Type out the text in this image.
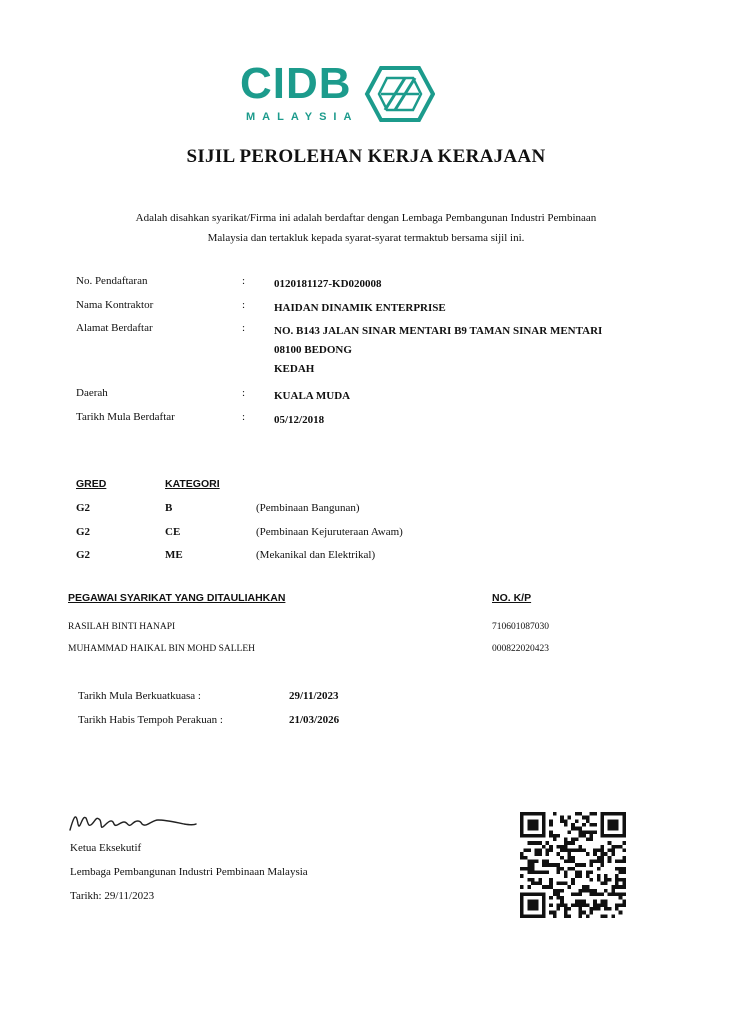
CIDB
MALAYSIA
SIJIL PEROLEHAN KERJA KERAJAAN
Adalah disahkan syarikat/Firma ini adalah berdaftar dengan Lembaga Pembangunan Industri Pembinaan
Malaysia dan tertakluk kepada syarat-syarat termaktub bersama sijil ini.
No. Pendaftaran	:	0120181127-KD020008
Nama Kontraktor	:	HAIDAN DINAMIK ENTERPRISE
Alamat Berdaftar	:	NO. B143 JALAN SINAR MENTARI B9 TAMAN SINAR MENTARI
08100 BEDONG
KEDAH
Daerah	:	KUALA MUDA
Tarikh Mula Berdaftar	:	05/12/2018
GRED	KATEGORI
G2	B	(Pembinaan Bangunan)
G2	CE	(Pembinaan Kejuruteraan Awam)
G2	ME	(Mekanikal dan Elektrikal)
PEGAWAI SYARIKAT YANG DITAULIAHKAN	NO. K/P
RASILAH BINTI HANAPI	710601087030
MUHAMMAD HAIKAL BIN MOHD SALLEH	000822020423
Tarikh Mula Berkuatkuasa :	29/11/2023
Tarikh Habis Tempoh Perakuan :	21/03/2026
Ketua Eksekutif
Lembaga Pembangunan Industri Pembinaan Malaysia
Tarikh: 29/11/2023
